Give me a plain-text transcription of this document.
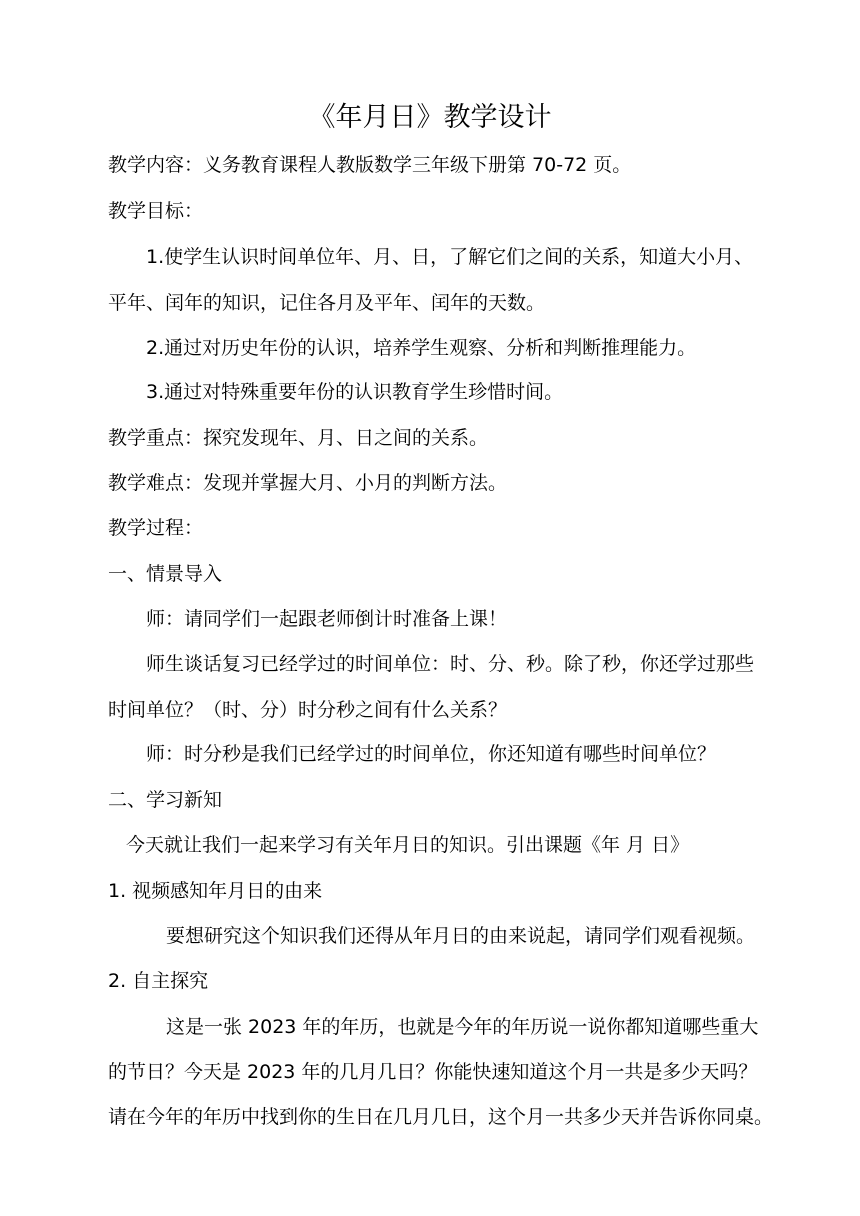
《年月日》教学设计
教学内容：义务教育课程人教版数学三年级下册第 70-72 页。
教学目标：
1.使学生认识时间单位年、月、日，了解它们之间的关系，知道大小月、
平年、闰年的知识，记住各月及平年、闰年的天数。
2.通过对历史年份的认识，培养学生观察、分析和判断推理能力。
3.通过对特殊重要年份的认识教育学生珍惜时间。
教学重点：探究发现年、月、日之间的关系。
教学难点：发现并掌握大月、小月的判断方法。
教学过程：
一、情景导入
师：请同学们一起跟老师倒计时准备上课！
师生谈话复习已经学过的时间单位：时、分、秒。除了秒，你还学过那些
时间单位？（时、分）时分秒之间有什么关系？
师：时分秒是我们已经学过的时间单位，你还知道有哪些时间单位？
二、学习新知
今天就让我们一起来学习有关年月日的知识。引出课题《年 月 日》
1. 视频感知年月日的由来
要想研究这个知识我们还得从年月日的由来说起，请同学们观看视频。
2. 自主探究
这是一张 2023 年的年历，也就是今年的年历说一说你都知道哪些重大
的节日？今天是 2023 年的几月几日？你能快速知道这个月一共是多少天吗？
请在今年的年历中找到你的生日在几月几日，这个月一共多少天并告诉你同桌。
